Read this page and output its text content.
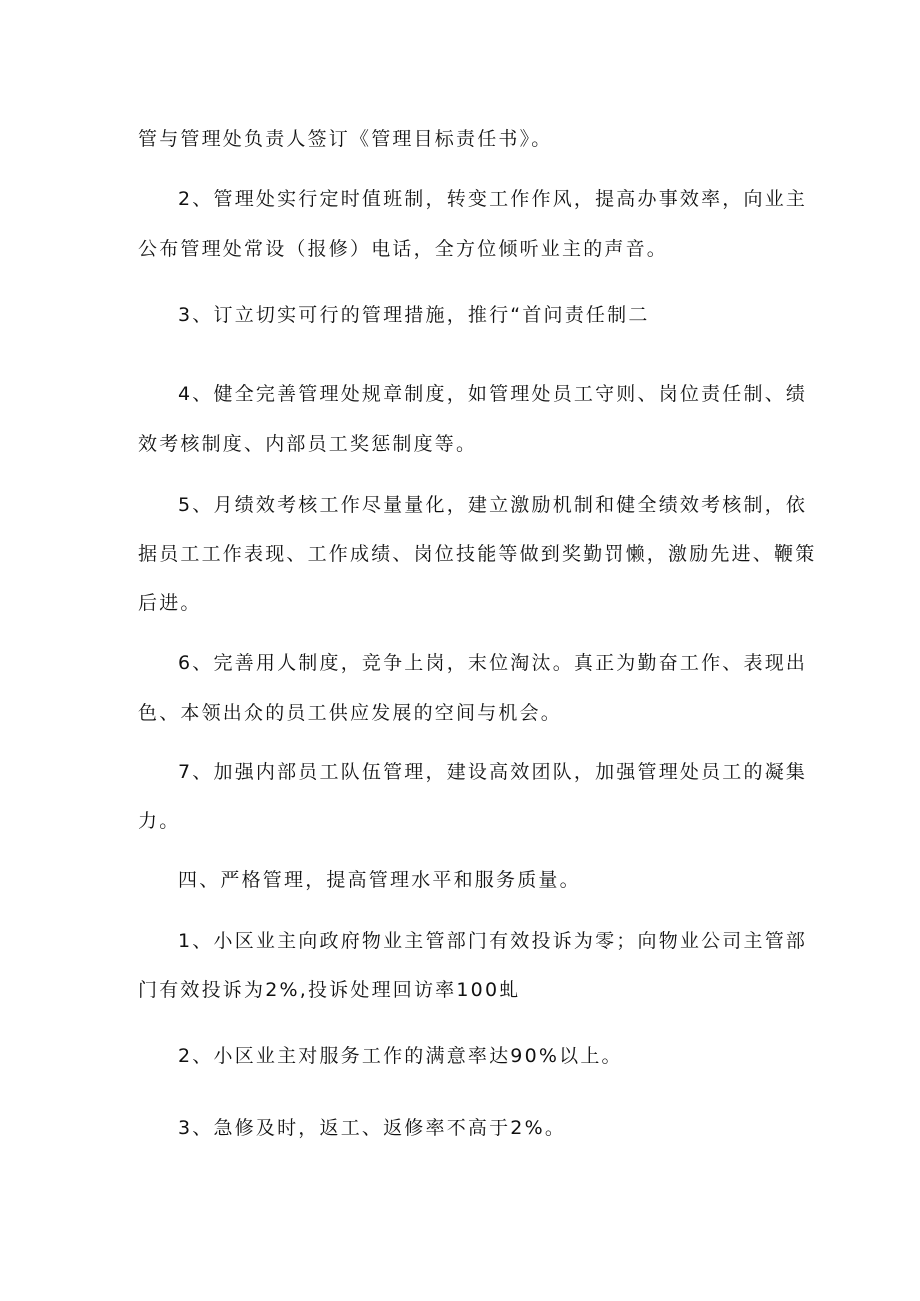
管与管理处负责人签订《管理目标责任书》。
2、管理处实行定时值班制，转变工作作风，提高办事效率，向业主
公布管理处常设（报修）电话，全方位倾听业主的声音。
3、订立切实可行的管理措施，推行“首问责任制二
4、健全完善管理处规章制度，如管理处员工守则、岗位责任制、绩
效考核制度、内部员工奖惩制度等。
5、月绩效考核工作尽量量化，建立激励机制和健全绩效考核制，依
据员工工作表现、工作成绩、岗位技能等做到奖勤罚懒，激励先进、鞭策
后进。
6、完善用人制度，竞争上岗，末位淘汰。真正为勤奋工作、表现出
色、本领出众的员工供应发展的空间与机会。
7、加强内部员工队伍管理，建设高效团队，加强管理处员工的凝集
力。
四、严格管理，提高管理水平和服务质量。
1、小区业主向政府物业主管部门有效投诉为零；向物业公司主管部
门有效投诉为2%,投诉处理回访率100虬
2、小区业主对服务工作的满意率达90%以上。
3、急修及时，返工、返修率不高于2%。
